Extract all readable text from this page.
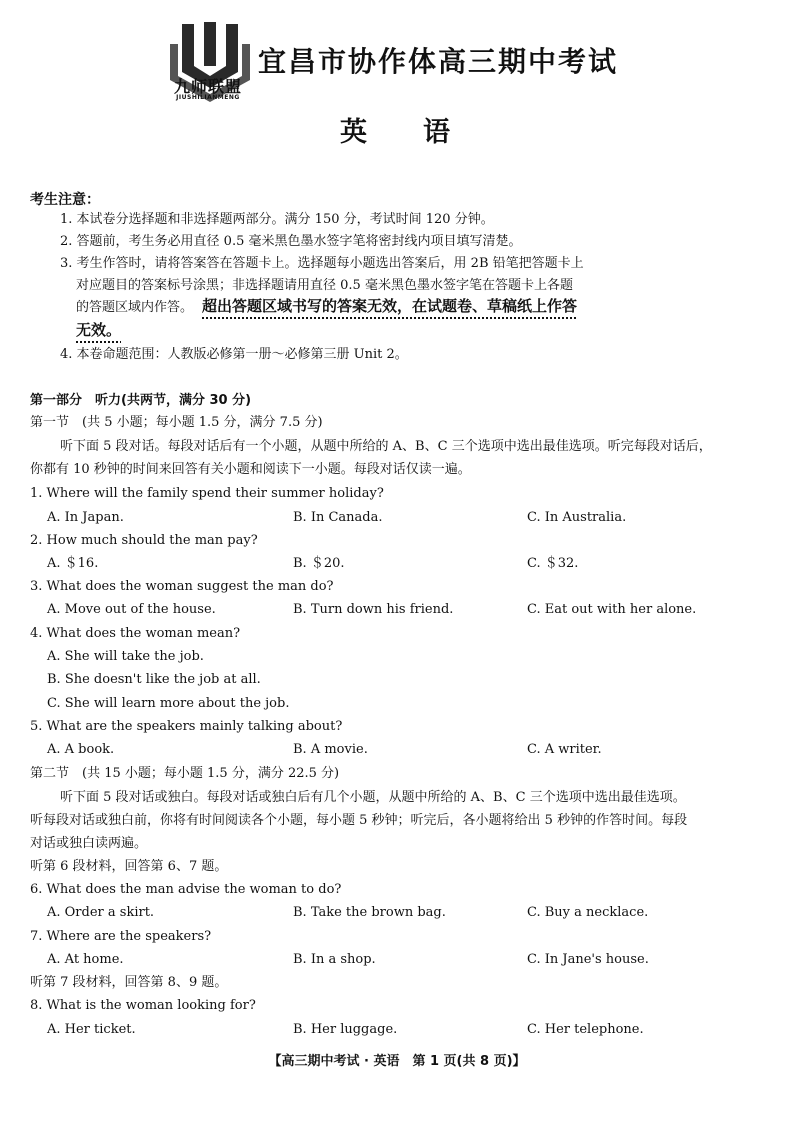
九师联盟
JIUSHILIANMENG
宜昌市协作体高三期中考试
英语
考生注意：
1. 本试卷分选择题和非选择题两部分。满分 150 分，考试时间 120 分钟。
2. 答题前，考生务必用直径 0.5 毫米黑色墨水签字笔将密封线内项目填写清楚。
3. 考生作答时，请将答案答在答题卡上。选择题每小题选出答案后，用 2B 铅笔把答题卡上
对应题目的答案标号涂黑；非选择题请用直径 0.5 毫米黑色墨水签字笔在答题卡上各题
的答题区域内作答。 超出答题区域书写的答案无效，在试题卷、草稿纸上作答
无效。
4. 本卷命题范围：人教版必修第一册～必修第三册 Unit 2。
第一部分　听力(共两节，满分 30 分)
第一节　(共 5 小题；每小题 1.5 分，满分 7.5 分)
听下面 5 段对话。每段对话后有一个小题，从题中所给的 A、B、C 三个选项中选出最佳选项。听完每段对话后，
你都有 10 秒钟的时间来回答有关小题和阅读下一小题。每段对话仅读一遍。
1. Where will the family spend their summer holiday?
A. In Japan.	B. In Canada.	C. In Australia.
2. How much should the man pay?
A. ＄16.	B. ＄20.	C. ＄32.
3. What does the woman suggest the man do?
A. Move out of the house.	B. Turn down his friend.	C. Eat out with her alone.
4. What does the woman mean?
A. She will take the job.
B. She doesn't like the job at all.
C. She will learn more about the job.
5. What are the speakers mainly talking about?
A. A book.	B. A movie.	C. A writer.
第二节　(共 15 小题；每小题 1.5 分，满分 22.5 分)
听下面 5 段对话或独白。每段对话或独白后有几个小题，从题中所给的 A、B、C 三个选项中选出最佳选项。
听每段对话或独白前，你将有时间阅读各个小题，每小题 5 秒钟；听完后，各小题将给出 5 秒钟的作答时间。每段
对话或独白读两遍。
听第 6 段材料，回答第 6、7 题。
6. What does the man advise the woman to do?
A. Order a skirt.	B. Take the brown bag.	C. Buy a necklace.
7. Where are the speakers?
A. At home.	B. In a shop.	C. In Jane's house.
听第 7 段材料，回答第 8、9 题。
8. What is the woman looking for?
A. Her ticket.	B. Her luggage.	C. Her telephone.
【高三期中考试 · 英语　第 1 页(共 8 页)】
